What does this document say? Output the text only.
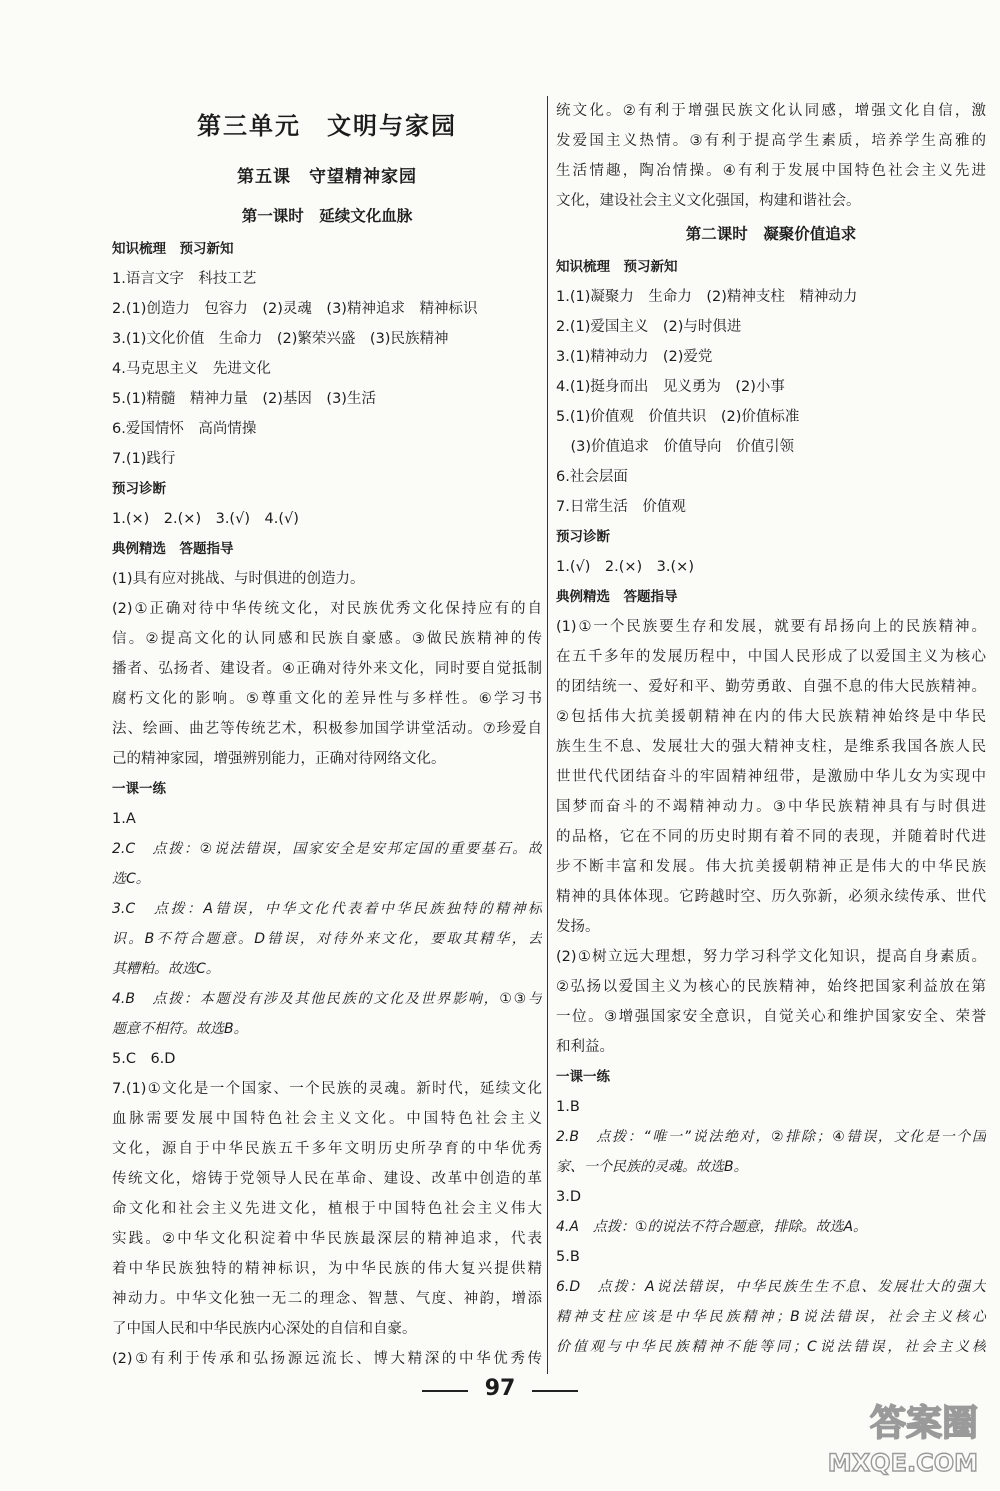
第三单元　文明与家园
第五课　守望精神家园
第一课时　延续文化血脉
知识梳理　预习新知
1.语言文字　科技工艺
2.(1)创造力　包容力　(2)灵魂　(3)精神追求　精神标识
3.(1)文化价值　生命力　(2)繁荣兴盛　(3)民族精神
4.马克思主义　先进文化
5.(1)精髓　精神力量　(2)基因　(3)生活
6.爱国情怀　高尚情操
7.(1)践行
预习诊断
1.(×)　2.(×)　3.(√)　4.(√)
典例精选　答题指导
(1)具有应对挑战、与时俱进的创造力。
(2)①正确对待中华传统文化，对民族优秀文化保持应有的自
信。②提高文化的认同感和民族自豪感。③做民族精神的传
播者、弘扬者、建设者。④正确对待外来文化，同时要自觉抵制
腐朽文化的影响。⑤尊重文化的差异性与多样性。⑥学习书
法、绘画、曲艺等传统艺术，积极参加国学讲堂活动。⑦珍爱自
己的精神家园，增强辨别能力，正确对待网络文化。
一课一练
1.A
2.C　点拨：②说法错误，国家安全是安邦定国的重要基石。故
选C。
3.C　点拨：A错误，中华文化代表着中华民族独特的精神标
识。B不符合题意。D错误，对待外来文化，要取其精华，去
其糟粕。故选C。
4.B　点拨：本题没有涉及其他民族的文化及世界影响，①③与
题意不相符。故选B。
5.C　6.D
7.(1)①文化是一个国家、一个民族的灵魂。新时代，延续文化
血脉需要发展中国特色社会主义文化。中国特色社会主义
文化，源自于中华民族五千多年文明历史所孕育的中华优秀
传统文化，熔铸于党领导人民在革命、建设、改革中创造的革
命文化和社会主义先进文化，植根于中国特色社会主义伟大
实践。②中华文化积淀着中华民族最深层的精神追求，代表
着中华民族独特的精神标识，为中华民族的伟大复兴提供精
神动力。中华文化独一无二的理念、智慧、气度、神韵，增添
了中国人民和中华民族内心深处的自信和自豪。
(2)①有利于传承和弘扬源远流长、博大精深的中华优秀传
统文化。②有利于增强民族文化认同感，增强文化自信，激
发爱国主义热情。③有利于提高学生素质，培养学生高雅的
生活情趣，陶冶情操。④有利于发展中国特色社会主义先进
文化，建设社会主义文化强国，构建和谐社会。
第二课时　凝聚价值追求
知识梳理　预习新知
1.(1)凝聚力　生命力　(2)精神支柱　精神动力
2.(1)爱国主义　(2)与时俱进
3.(1)精神动力　(2)爱党
4.(1)挺身而出　见义勇为　(2)小事
5.(1)价值观　价值共识　(2)价值标准
　(3)价值追求　价值导向　价值引领
6.社会层面
7.日常生活　价值观
预习诊断
1.(√)　2.(×)　3.(×)
典例精选　答题指导
(1)①一个民族要生存和发展，就要有昂扬向上的民族精神。
在五千多年的发展历程中，中国人民形成了以爱国主义为核心
的团结统一、爱好和平、勤劳勇敢、自强不息的伟大民族精神。
②包括伟大抗美援朝精神在内的伟大民族精神始终是中华民
族生生不息、发展壮大的强大精神支柱，是维系我国各族人民
世世代代团结奋斗的牢固精神纽带，是激励中华儿女为实现中
国梦而奋斗的不竭精神动力。③中华民族精神具有与时俱进
的品格，它在不同的历史时期有着不同的表现，并随着时代进
步不断丰富和发展。伟大抗美援朝精神正是伟大的中华民族
精神的具体体现。它跨越时空、历久弥新，必须永续传承、世代
发扬。
(2)①树立远大理想，努力学习科学文化知识，提高自身素质。
②弘扬以爱国主义为核心的民族精神，始终把国家利益放在第
一位。③增强国家安全意识，自觉关心和维护国家安全、荣誉
和利益。
一课一练
1.B
2.B　点拨：“唯一”说法绝对，②排除；④错误，文化是一个国
家、一个民族的灵魂。故选B。
3.D
4.A　点拨：①的说法不符合题意，排除。故选A。
5.B
6.D　点拨：A说法错误，中华民族生生不息、发展壮大的强大
精神支柱应该是中华民族精神；B说法错误，社会主义核心
价值观与中华民族精神不能等同；C说法错误，社会主义核
97
答案圈
MXQE.COM
